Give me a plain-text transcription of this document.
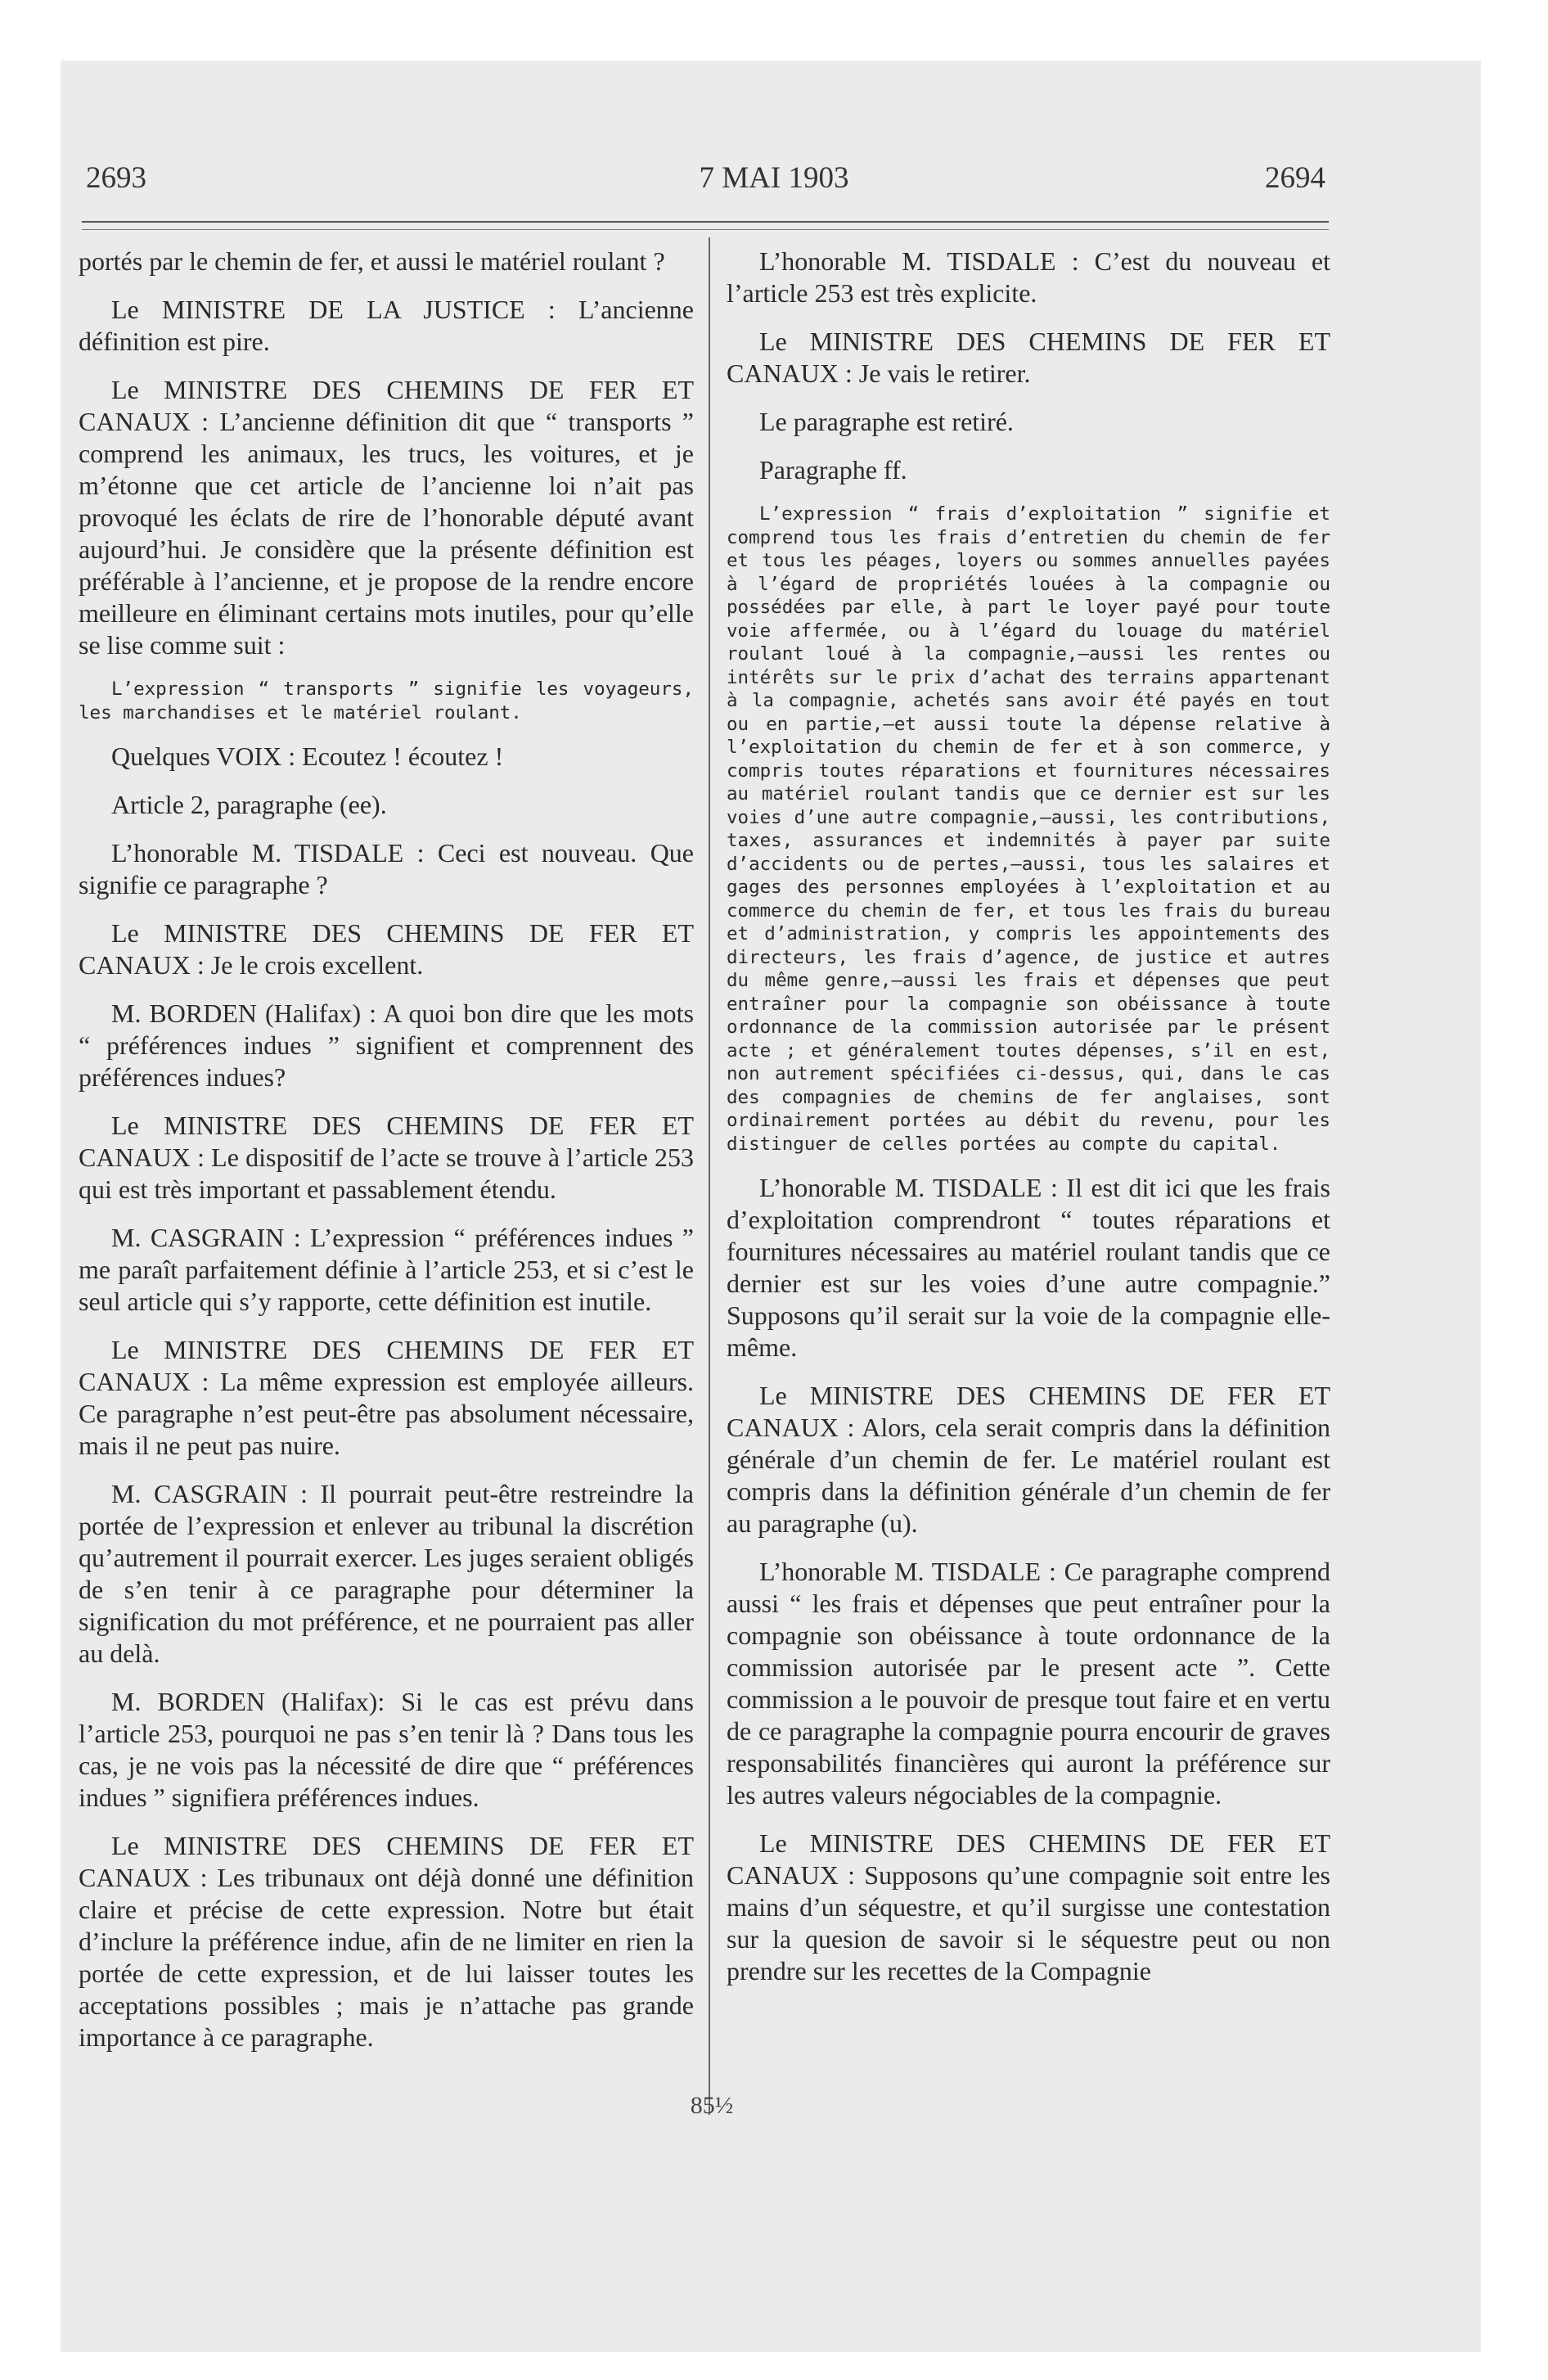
2693	7 MAI 1903	2694

portés par le chemin de fer, et aussi le matériel roulant ?

Le MINISTRE DE LA JUSTICE : L’ancienne définition est pire.

Le MINISTRE DES CHEMINS DE FER ET CANAUX : L’ancienne définition dit que “ transports ” comprend les animaux, les trucs, les voitures, et je m’étonne que cet article de l’ancienne loi n’ait pas provoqué les éclats de rire de l’honorable député avant aujourd’hui. Je considère que la présente définition est préférable à l’ancienne, et je propose de la rendre encore meilleure en éliminant certains mots inutiles, pour qu’elle se lise comme suit :

L’expression “ transports ” signifie les voyageurs, les marchandises et le matériel roulant.

Quelques VOIX : Ecoutez ! écoutez !

Article 2, paragraphe (ee).

L’honorable M. TISDALE : Ceci est nouveau. Que signifie ce paragraphe ?

Le MINISTRE DES CHEMINS DE FER ET CANAUX : Je le crois excellent.

M. BORDEN (Halifax) : A quoi bon dire que les mots “ préférences indues ” signifient et comprennent des préférences indues?

Le MINISTRE DES CHEMINS DE FER ET CANAUX : Le dispositif de l’acte se trouve à l’article 253 qui est très important et passablement étendu.

M. CASGRAIN : L’expression “ préférences indues ” me paraît parfaitement définie à l’article 253, et si c’est le seul article qui s’y rapporte, cette définition est inutile.

Le MINISTRE DES CHEMINS DE FER ET CANAUX : La même expression est employée ailleurs. Ce paragraphe n’est peut-être pas absolument nécessaire, mais il ne peut pas nuire.

M. CASGRAIN : Il pourrait peut-être restreindre la portée de l’expression et enlever au tribunal la discrétion qu’autrement il pourrait exercer. Les juges seraient obligés de s’en tenir à ce paragraphe pour déterminer la signification du mot préférence, et ne pourraient pas aller au delà.

M. BORDEN (Halifax): Si le cas est prévu dans l’article 253, pourquoi ne pas s’en tenir là ? Dans tous les cas, je ne vois pas la nécessité de dire que “ préférences indues ” signifiera préférences indues.

Le MINISTRE DES CHEMINS DE FER ET CANAUX : Les tribunaux ont déjà donné une définition claire et précise de cette expression. Notre but était d’inclure la préférence indue, afin de ne limiter en rien la portée de cette expression, et de lui laisser toutes les acceptations possibles ; mais je n’attache pas grande importance à ce paragraphe.

L’honorable M. TISDALE : C’est du nouveau et l’article 253 est très explicite.

Le MINISTRE DES CHEMINS DE FER ET CANAUX : Je vais le retirer.

Le paragraphe est retiré.

Paragraphe ff.

L’expression “ frais d’exploitation ” signifie et comprend tous les frais d’entretien du chemin de fer et tous les péages, loyers ou sommes annuelles payées à l’égard de propriétés louées à la compagnie ou possédées par elle, à part le loyer payé pour toute voie affermée, ou à l’égard du louage du matériel roulant loué à la compagnie,—aussi les rentes ou intérêts sur le prix d’achat des terrains appartenant à la compagnie, achetés sans avoir été payés en tout ou en partie,—et aussi toute la dépense relative à l’exploitation du chemin de fer et à son commerce, y compris toutes réparations et fournitures nécessaires au matériel roulant tandis que ce dernier est sur les voies d’une autre compagnie,—aussi, les contributions, taxes, assurances et indemnités à payer par suite d’accidents ou de pertes,—aussi, tous les salaires et gages des personnes employées à l’exploitation et au commerce du chemin de fer, et tous les frais du bureau et d’administration, y compris les appointements des directeurs, les frais d’agence, de justice et autres du même genre,—aussi les frais et dépenses que peut entraîner pour la compagnie son obéissance à toute ordonnance de la commission autorisée par le présent acte ; et généralement toutes dépenses, s’il en est, non autrement spécifiées ci-dessus, qui, dans le cas des compagnies de chemins de fer anglaises, sont ordinairement portées au débit du revenu, pour les distinguer de celles portées au compte du capital.

L’honorable M. TISDALE : Il est dit ici que les frais d’exploitation comprendront “ toutes réparations et fournitures nécessaires au matériel roulant tandis que ce dernier est sur les voies d’une autre compagnie.” Supposons qu’il serait sur la voie de la compagnie elle-même.

Le MINISTRE DES CHEMINS DE FER ET CANAUX : Alors, cela serait compris dans la définition générale d’un chemin de fer. Le matériel roulant est compris dans la définition générale d’un chemin de fer au paragraphe (u).

L’honorable M. TISDALE : Ce paragraphe comprend aussi “ les frais et dépenses que peut entraîner pour la compagnie son obéissance à toute ordonnance de la commission autorisée par le present acte ”. Cette commission a le pouvoir de presque tout faire et en vertu de ce paragraphe la compagnie pourra encourir de graves responsabilités financières qui auront la préférence sur les autres valeurs négociables de la compagnie.

Le MINISTRE DES CHEMINS DE FER ET CANAUX : Supposons qu’une compagnie soit entre les mains d’un séquestre, et qu’il surgisse une contestation sur la quesion de savoir si le séquestre peut ou non prendre sur les recettes de la Compagnie

85½
